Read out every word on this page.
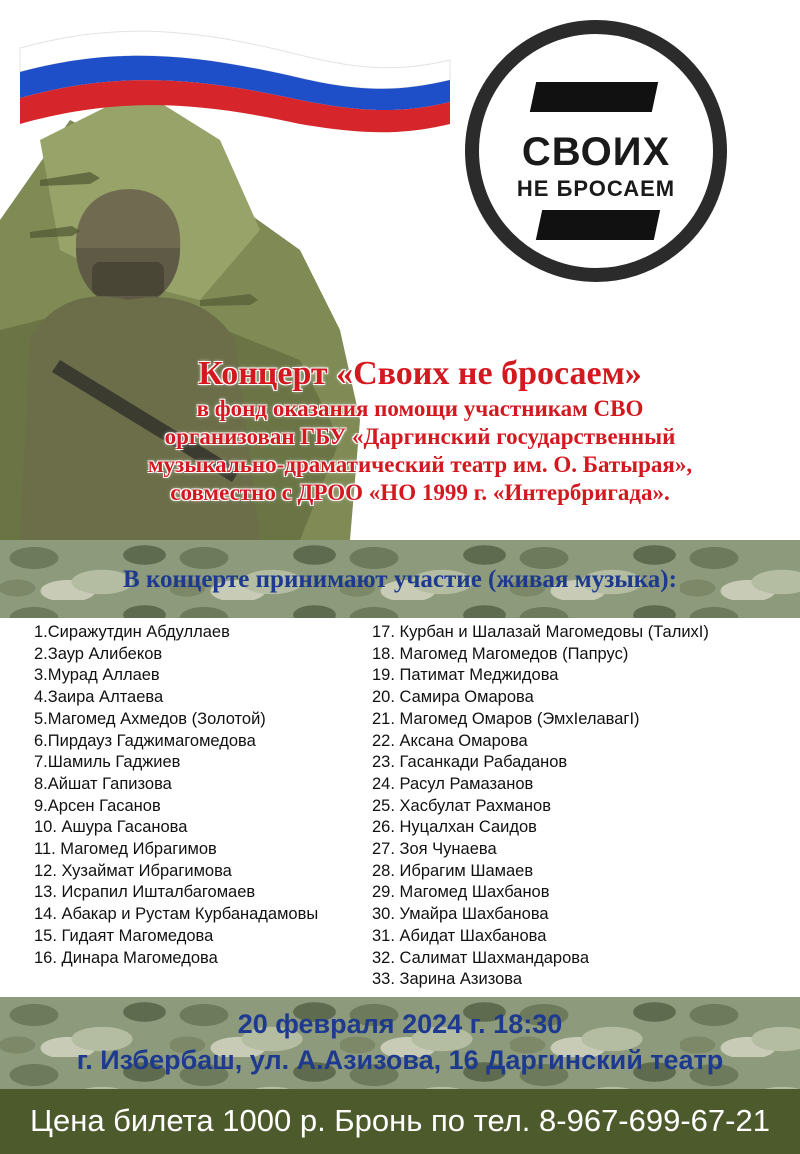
СВОИХ
НЕ БРОСАЕМ
Концерт «Своих не бросаем»
в фонд оказания помощи участникам СВО
организован ГБУ «Даргинский государственный
музыкально-драматический театр им. О. Батырая»,
совместно с ДРОО «НО 1999 г. «Интербригада».
В концерте принимают участие (живая музыка):
1.Сиражутдин Абдуллаев
2.Заур Алибеков
3.Мурад Аллаев
4.Заира Алтаева
5.Магомед Ахмедов (Золотой)
6.Пирдауз Гаджимагомедова
7.Шамиль Гаджиев
8.Айшат Гапизова
9.Арсен Гасанов
10. Ашура Гасанова
11. Магомед Ибрагимов
12. Хузаймат Ибрагимова
13. Исрапил Ишталбагомаев
14. Абакар и Рустам Курбанадамовы
15. Гидаят Магомедова
16. Динара Магомедова
17. Курбан и Шалазай Магомедовы (ТалихI)
18. Магомед Магомедов (Папрус)
19. Патимат Меджидова
20. Самира Омарова
21. Магомед Омаров (ЭмхIелавагI)
22. Аксана Омарова
23. Гасанкади Рабаданов
24. Расул Рамазанов
25. Хасбулат Рахманов
26. Нуцалхан Саидов
27. Зоя Чунаева
28. Ибрагим Шамаев
29. Магомед Шахбанов
30. Умайра Шахбанова
31. Абидат Шахбанова
32. Салимат Шахмандарова
33. Зарина Азизова
20 февраля 2024 г. 18:30
г. Избербаш, ул. А.Азизова, 16 Даргинский театр
Цена билета 1000 р. Бронь по тел. 8-967-699-67-21
